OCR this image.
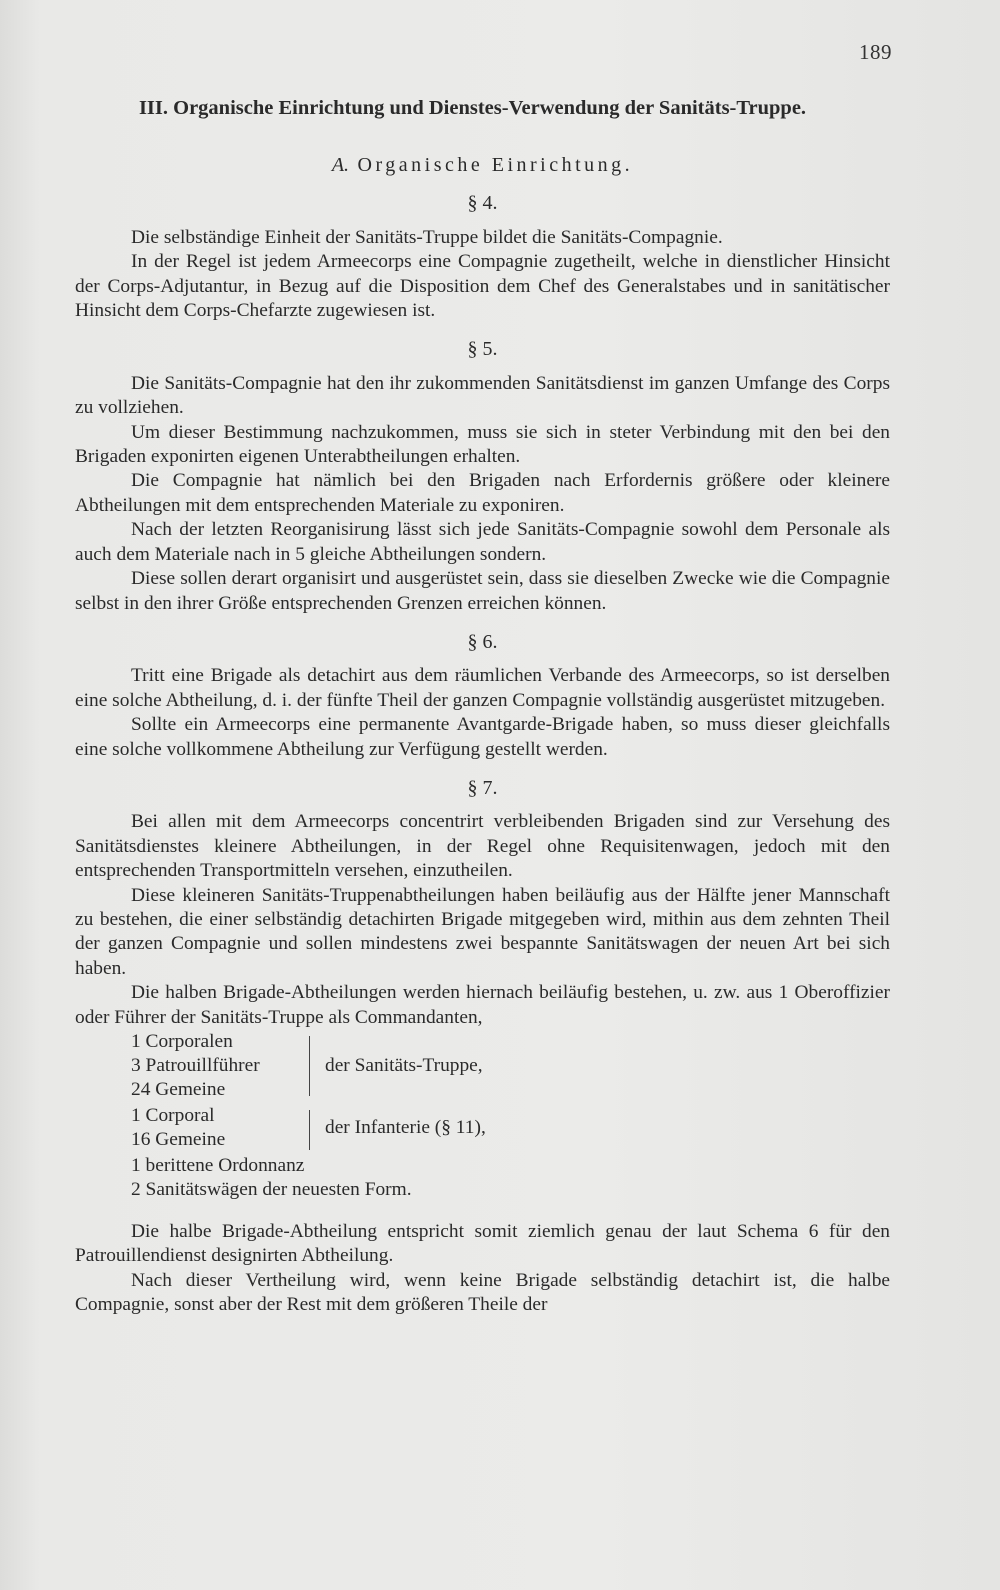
189
III. Organische Einrichtung und Dienstes-Verwendung der Sanitäts-Truppe.
A. Organische Einrichtung.
§ 4.

Die selbständige Einheit der Sanitäts-Truppe bildet die Sanitäts-Compagnie.

In der Regel ist jedem Armeecorps eine Compagnie zugetheilt, welche in dienstlicher Hinsicht der Corps-Adjutantur, in Bezug auf die Disposition dem Chef des Generalstabes und in sanitätischer Hinsicht dem Corps-Chefarzte zugewiesen ist.

§ 5.

Die Sanitäts-Compagnie hat den ihr zukommenden Sanitätsdienst im ganzen Umfange des Corps zu vollziehen.

Um dieser Bestimmung nachzukommen, muss sie sich in steter Verbindung mit den bei den Brigaden exponirten eigenen Unterabtheilungen erhalten.

Die Compagnie hat nämlich bei den Brigaden nach Erfordernis größere oder kleinere Abtheilungen mit dem entsprechenden Materiale zu exponiren.

Nach der letzten Reorganisirung lässt sich jede Sanitäts-Compagnie sowohl dem Personale als auch dem Materiale nach in 5 gleiche Abtheilungen sondern.

Diese sollen derart organisirt und ausgerüstet sein, dass sie dieselben Zwecke wie die Compagnie selbst in den ihrer Größe entsprechenden Grenzen erreichen können.

§ 6.

Tritt eine Brigade als detachirt aus dem räumlichen Verbande des Armeecorps, so ist derselben eine solche Abtheilung, d. i. der fünfte Theil der ganzen Compagnie vollständig ausgerüstet mitzugeben.

Sollte ein Armeecorps eine permanente Avantgarde-Brigade haben, so muss dieser gleichfalls eine solche vollkommene Abtheilung zur Verfügung gestellt werden.

§ 7.

Bei allen mit dem Armeecorps concentrirt verbleibenden Brigaden sind zur Versehung des Sanitätsdienstes kleinere Abtheilungen, in der Regel ohne Requisitenwagen, jedoch mit den entsprechenden Transportmitteln versehen, einzutheilen.

Diese kleineren Sanitäts-Truppenabtheilungen haben beiläufig aus der Hälfte jener Mannschaft zu bestehen, die einer selbständig detachirten Brigade mitgegeben wird, mithin aus dem zehnten Theil der ganzen Compagnie und sollen mindestens zwei bespannte Sanitätswagen der neuen Art bei sich haben.

Die halben Brigade-Abtheilungen werden hiernach beiläufig bestehen, u. zw. aus 1 Oberoffizier oder Führer der Sanitäts-Truppe als Commandanten,

1 Corporalen
3 Patrouillführer
24 Gemeine
der Sanitäts-Truppe,
1 Corporal
16 Gemeine
der Infanterie (§ 11),
1 berittene Ordonnanz
2 Sanitätswägen der neuesten Form.

Die halbe Brigade-Abtheilung entspricht somit ziemlich genau der laut Schema 6 für den Patrouillendienst designirten Abtheilung.

Nach dieser Vertheilung wird, wenn keine Brigade selbständig detachirt ist, die halbe Compagnie, sonst aber der Rest mit dem größeren Theile der
